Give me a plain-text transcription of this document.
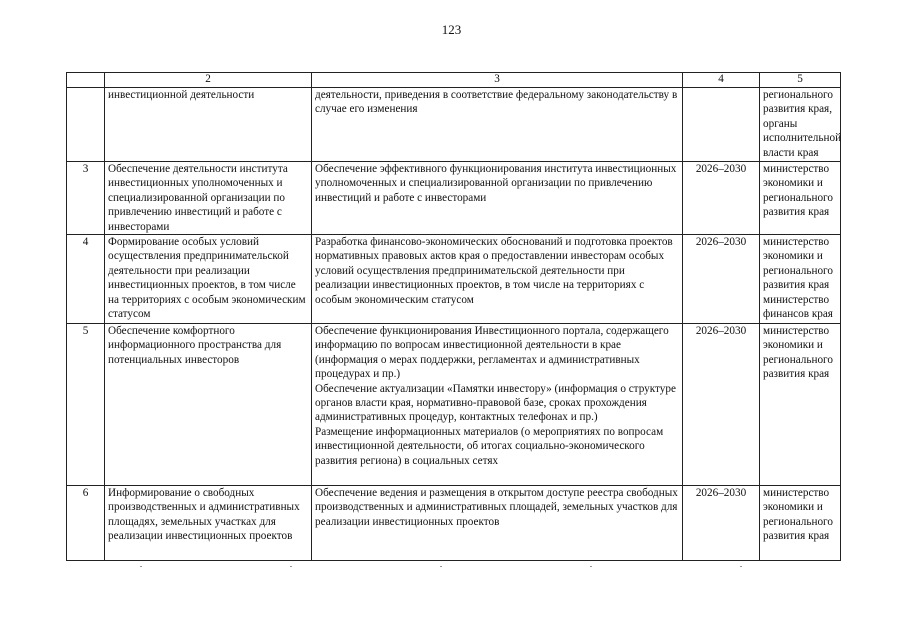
123
	2	3	4	5
	инвестиционной деятельности	деятельности, приведения в соответствие федеральному законодательству в случае его изменения		регионального развития края, органы исполнительной власти края
3	Обеспечение деятельности института инвестиционных уполномоченных и специализированной организации по привлечению инвестиций и работе с инвесторами	Обеспечение эффективного функционирования института инвестиционных уполномоченных и специализированной организации по привлечению инвестиций и работе с инвесторами	2026–2030	министерство экономики и регионального развития края
4	Формирование особых условий осуществления предпринимательской деятельности при реализации инвестиционных проектов, в том числе на территориях с особым экономическим статусом	Разработка финансово-экономических обоснований и подготовка проектов нормативных правовых актов края о предоставлении инвесторам особых условий осуществления предпринимательской деятельности при реализации инвестиционных проектов, в том числе на территориях с особым экономическим статусом	2026–2030	министерство экономики и регионального развития края министерство финансов края
5	Обеспечение комфортного информационного пространства для потенциальных инвесторов	Обеспечение функционирования Инвестиционного портала, содержащего информацию по вопросам инвестиционной деятельности в крае (информация о мерах поддержки, регламентах и административных процедурах и пр.)
Обеспечение актуализации «Памятки инвестору» (информация о структуре органов власти края, нормативно-правовой базе, сроках прохождения административных процедур, контактных телефонах и пр.)
Размещение информационных материалов (о мероприятиях по вопросам инвестиционной деятельности, об итогах социально-экономического развития региона) в социальных сетях	2026–2030	министерство экономики и регионального развития края
6	Информирование о свободных производственных и административных площадях, земельных участках для реализации инвестиционных проектов	Обеспечение ведения и размещения в открытом доступе реестра свободных производственных и административных площадей, земельных участков для реализации инвестиционных проектов	2026–2030	министерство экономики и регионального развития края
